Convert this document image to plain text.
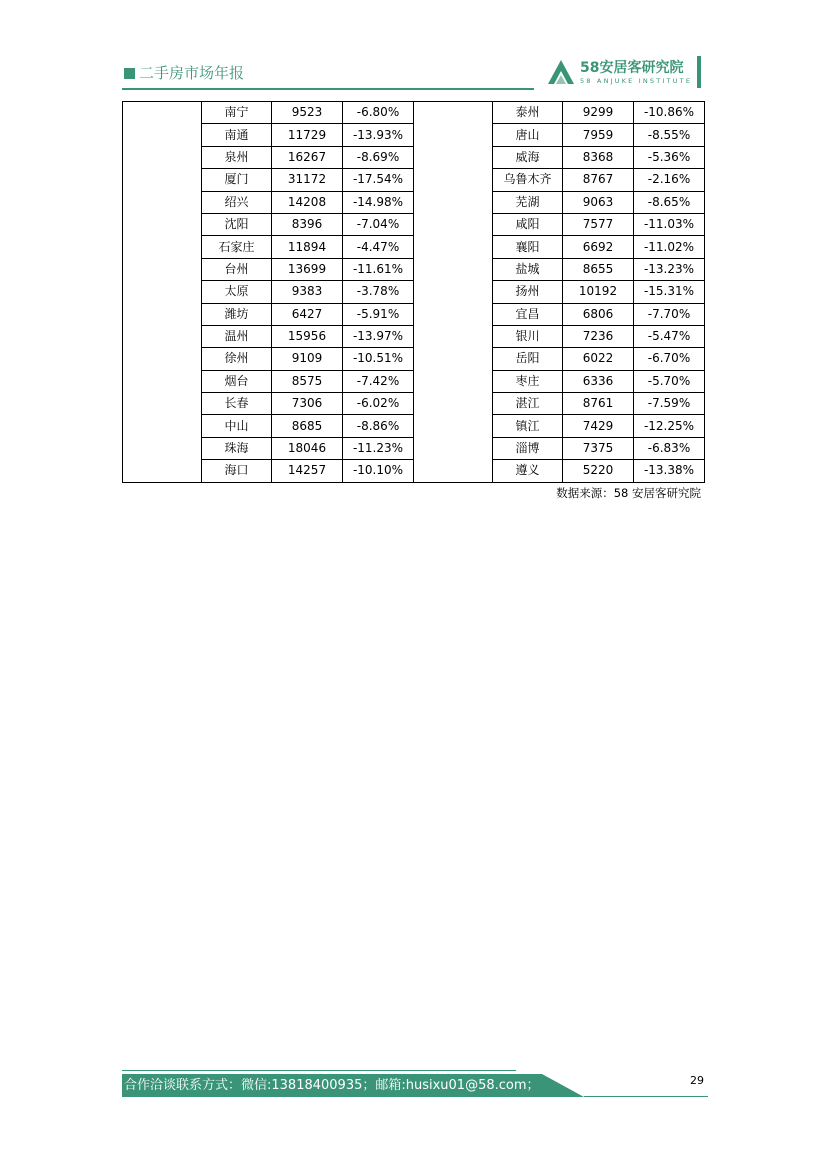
二手房市场年报	58安居客研究院
58 ANJUKE INSTITUTE
	南宁	9523	-6.80%		泰州	9299	-10.86%
	南通	11729	-13.93%		唐山	7959	-8.55%
	泉州	16267	-8.69%		威海	8368	-5.36%
	厦门	31172	-17.54%		乌鲁木齐	8767	-2.16%
	绍兴	14208	-14.98%		芜湖	9063	-8.65%
	沈阳	8396	-7.04%		咸阳	7577	-11.03%
	石家庄	11894	-4.47%		襄阳	6692	-11.02%
	台州	13699	-11.61%		盐城	8655	-13.23%
	太原	9383	-3.78%		扬州	10192	-15.31%
	潍坊	6427	-5.91%		宜昌	6806	-7.70%
	温州	15956	-13.97%		银川	7236	-5.47%
	徐州	9109	-10.51%		岳阳	6022	-6.70%
	烟台	8575	-7.42%		枣庄	6336	-5.70%
	长春	7306	-6.02%		湛江	8761	-7.59%
	中山	8685	-8.86%		镇江	7429	-12.25%
	珠海	18046	-11.23%		淄博	7375	-6.83%
	海口	14257	-10.10%		遵义	5220	-13.38%
数据来源：58 安居客研究院
合作洽谈联系方式：微信:13818400935；邮箱:husixu01@58.com；	29
